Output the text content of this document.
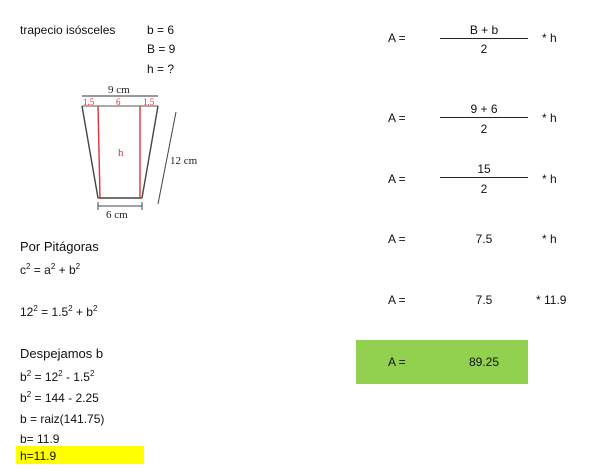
trapecio isósceles	b = 6
B = 9
h = ?
9 cm
1.5 6	1.5
h
12 cm
6 cm
Por Pitágoras
$c^2 = a^2 + b^2$
$12^2 = 1.5^2 + b^2$
Despejamos b
$b^2 = 12^2 - 1.5^2$
$b^2 = 144 - 2.25$
b = raiz(141.75)
b= 11.9
h=11.9
A =
B + b
2
* h
A =
9 + 6
2
* h
A =
15
2
* h
A =	7.5	* h
A =	7.5	* 11.9
A =	89.25
